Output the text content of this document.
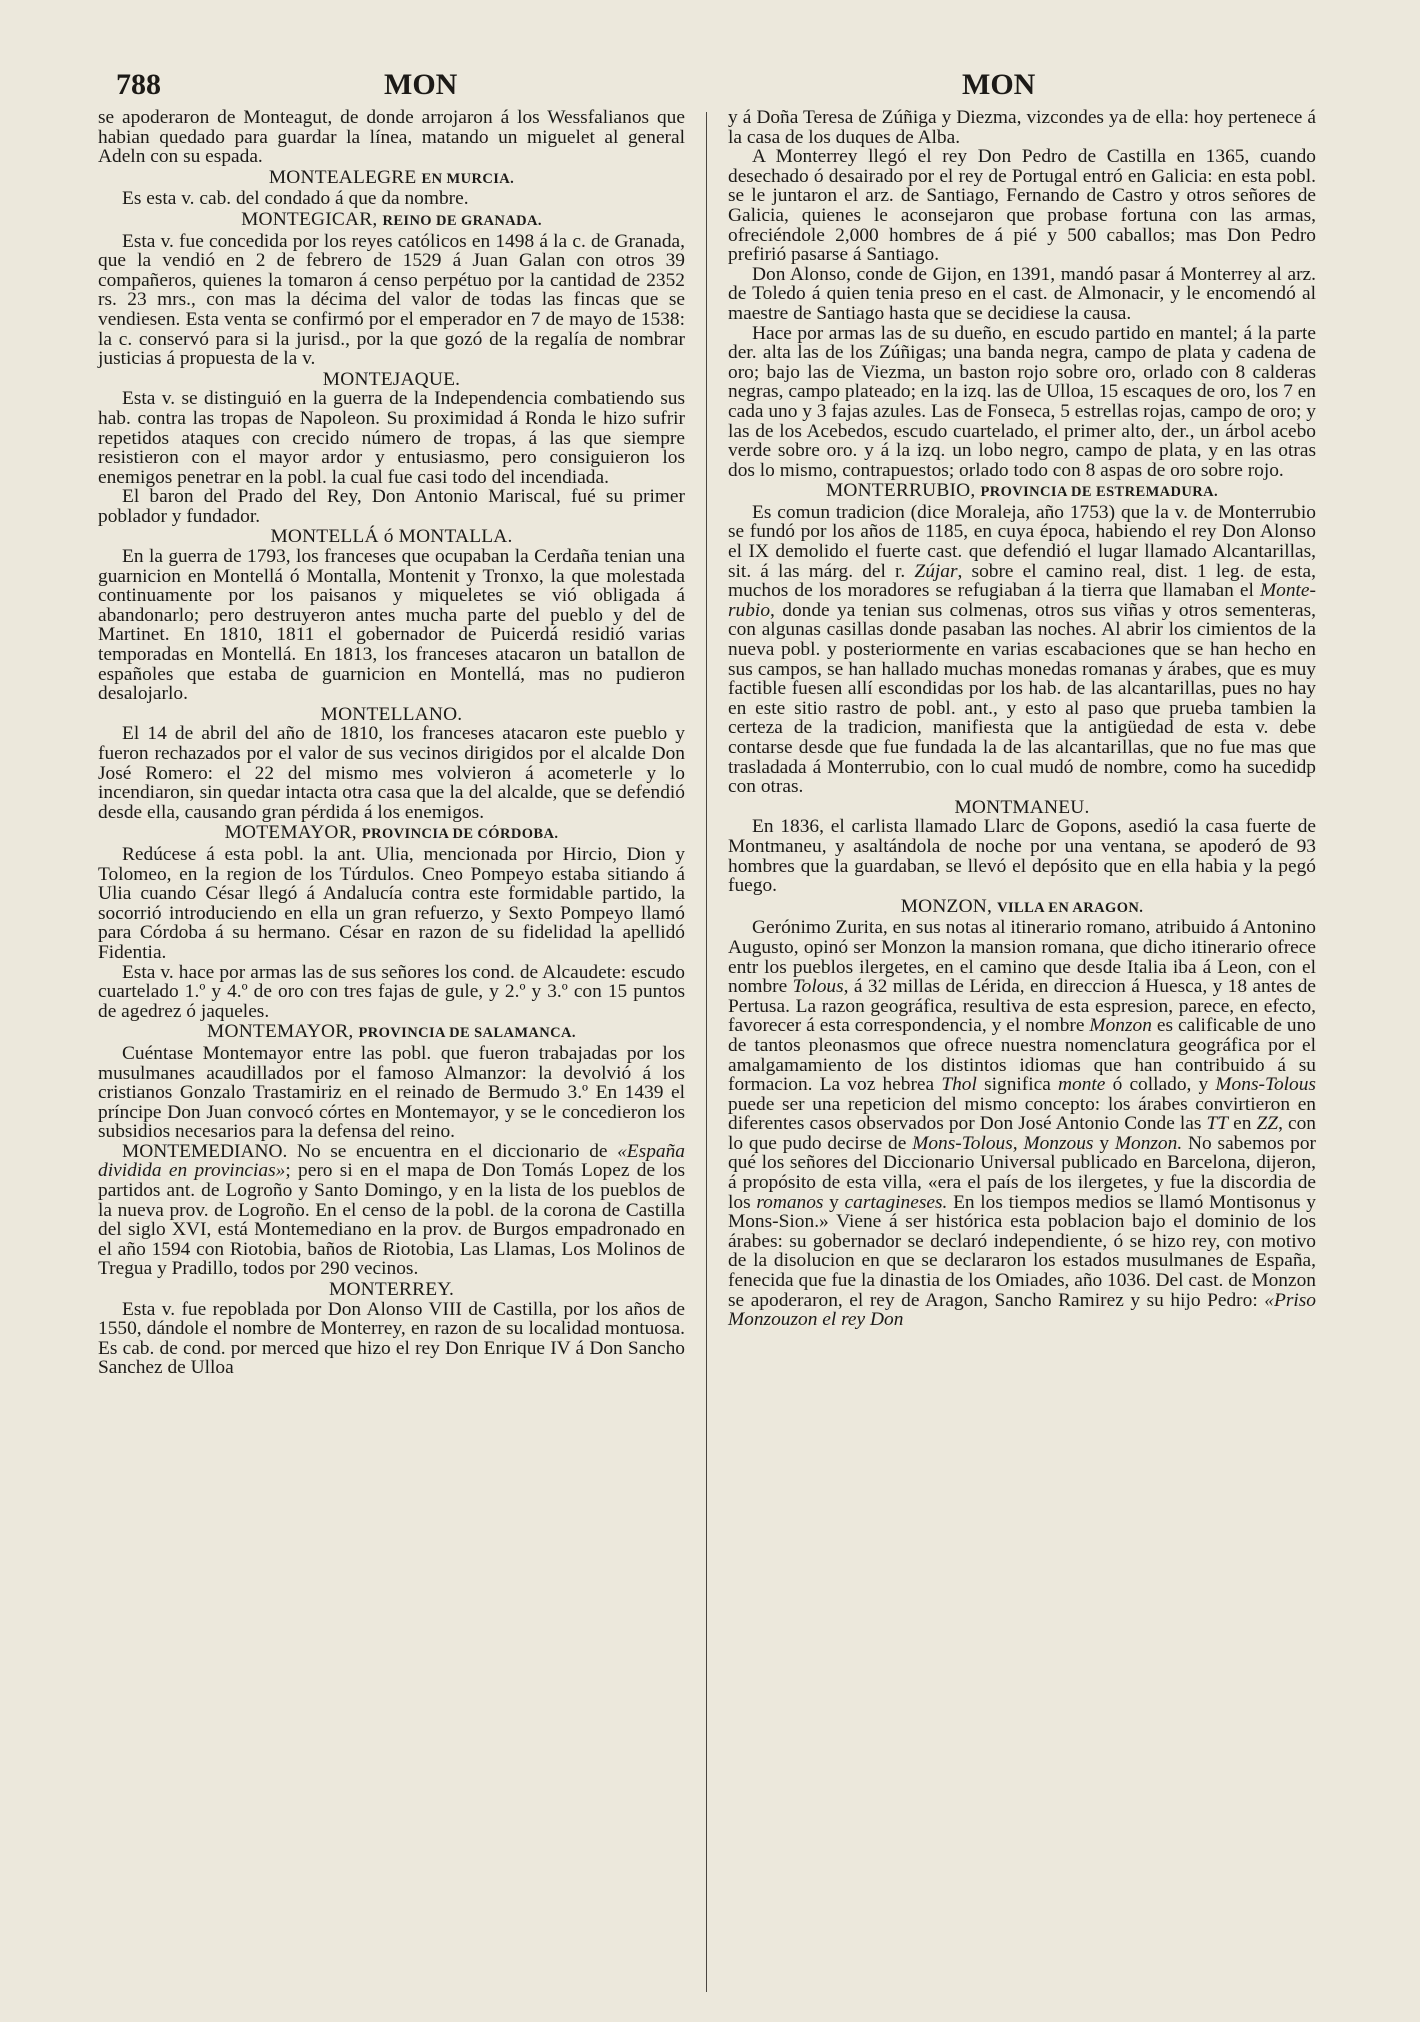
788	MON	MON

se apoderaron de Monteagut, de donde arrojaron á los Wessfalianos que habian quedado para guardar la línea, matando un miguelet al general Adeln con su espada.

MONTEALEGRE EN MURCIA.

Es esta v. cab. del condado á que da nombre.

MONTEGICAR, REINO DE GRANADA.

Esta v. fue concedida por los reyes católicos en 1498 á la c. de Granada, que la vendió en 2 de febrero de 1529 á Juan Galan con otros 39 compañeros, quienes la tomaron á censo perpétuo por la cantidad de 2352 rs. 23 mrs., con mas la décima del valor de todas las fincas que se vendiesen. Esta venta se confirmó por el emperador en 7 de mayo de 1538: la c. conservó para si la jurisd., por la que gozó de la regalía de nombrar justicias á propuesta de la v.

MONTEJAQUE.

Esta v. se distinguió en la guerra de la Independencia combatiendo sus hab. contra las tropas de Napoleon. Su proximidad á Ronda le hizo sufrir repetidos ataques con crecido número de tropas, á las que siempre resistieron con el mayor ardor y entusiasmo, pero consiguieron los enemigos penetrar en la pobl. la cual fue casi todo del incendiada.

El baron del Prado del Rey, Don Antonio Mariscal, fué su primer poblador y fundador.

MONTELLÁ ó MONTALLA.

En la guerra de 1793, los franceses que ocupaban la Cerdaña tenian una guarnicion en Montellá ó Montalla, Montenit y Tronxo, la que molestada continuamente por los paisanos y miqueletes se vió obligada á abandonarlo; pero destruyeron antes mucha parte del pueblo y del de Martinet. En 1810, 1811 el gobernador de Puicerdá residió varias temporadas en Montellá. En 1813, los franceses atacaron un batallon de españoles que estaba de guarnicion en Montellá, mas no pudieron desalojarlo.

MONTELLANO.

El 14 de abril del año de 1810, los franceses atacaron este pueblo y fueron rechazados por el valor de sus vecinos dirigidos por el alcalde Don José Romero: el 22 del mismo mes volvieron á acometerle y lo incendiaron, sin quedar intacta otra casa que la del alcalde, que se defendió desde ella, causando gran pérdida á los enemigos.

MOTEMAYOR, PROVINCIA DE CÓRDOBA.

Redúcese á esta pobl. la ant. Ulia, mencionada por Hircio, Dion y Tolomeo, en la region de los Túrdulos. Cneo Pompeyo estaba sitiando á Ulia cuando César llegó á Andalucía contra este formidable partido, la socorrió introduciendo en ella un gran refuerzo, y Sexto Pompeyo llamó para Córdoba á su hermano. César en razon de su fidelidad la apellidó Fidentia.

Esta v. hace por armas las de sus señores los cond. de Alcaudete: escudo cuartelado 1.º y 4.º de oro con tres fajas de gule, y 2.º y 3.º con 15 puntos de agedrez ó jaqueles.

MONTEMAYOR, PROVINCIA DE SALAMANCA.

Cuéntase Montemayor entre las pobl. que fueron trabajadas por los musulmanes acaudillados por el famoso Almanzor: la devolvió á los cristianos Gonzalo Trastamiriz en el reinado de Bermudo 3.º En 1439 el príncipe Don Juan convocó córtes en Montemayor, y se le concedieron los subsidios necesarios para la defensa del reino.

MONTEMEDIANO. No se encuentra en el diccionario de «España dividida en provincias»; pero si en el mapa de Don Tomás Lopez de los partidos ant. de Logroño y Santo Domingo, y en la lista de los pueblos de la nueva prov. de Logroño. En el censo de la pobl. de la corona de Castilla del siglo XVI, está Montemediano en la prov. de Burgos empadronado en el año 1594 con Riotobia, baños de Riotobia, Las Llamas, Los Molinos de Tregua y Pradillo, todos por 290 vecinos.

MONTERREY.

Esta v. fue repoblada por Don Alonso VIII de Castilla, por los años de 1550, dándole el nombre de Monterrey, en razon de su localidad montuosa. Es cab. de cond. por merced que hizo el rey Don Enrique IV á Don Sancho Sanchez de Ulloa

y á Doña Teresa de Zúñiga y Diezma, vizcondes ya de ella: hoy pertenece á la casa de los duques de Alba.

A Monterrey llegó el rey Don Pedro de Castilla en 1365, cuando desechado ó desairado por el rey de Portugal entró en Galicia: en esta pobl. se le juntaron el arz. de Santiago, Fernando de Castro y otros señores de Galicia, quienes le aconsejaron que probase fortuna con las armas, ofreciéndole 2,000 hombres de á pié y 500 caballos; mas Don Pedro prefirió pasarse á Santiago.

Don Alonso, conde de Gijon, en 1391, mandó pasar á Monterrey al arz. de Toledo á quien tenia preso en el cast. de Almonacir, y le encomendó al maestre de Santiago hasta que se decidiese la causa.

Hace por armas las de su dueño, en escudo partido en mantel; á la parte der. alta las de los Zúñigas; una banda negra, campo de plata y cadena de oro; bajo las de Viezma, un baston rojo sobre oro, orlado con 8 calderas negras, campo plateado; en la izq. las de Ulloa, 15 escaques de oro, los 7 en cada uno y 3 fajas azules. Las de Fonseca, 5 estrellas rojas, campo de oro; y las de los Acebedos, escudo cuartelado, el primer alto, der., un árbol acebo verde sobre oro. y á la izq. un lobo negro, campo de plata, y en las otras dos lo mismo, contrapuestos; orlado todo con 8 aspas de oro sobre rojo.

MONTERRUBIO, PROVINCIA DE ESTREMADURA.

Es comun tradicion (dice Moraleja, año 1753) que la v. de Monterrubio se fundó por los años de 1185, en cuya época, habiendo el rey Don Alonso el IX demolido el fuerte cast. que defendió el lugar llamado Alcantarillas, sit. á las márg. del r. Zújar, sobre el camino real, dist. 1 leg. de esta, muchos de los moradores se refugiaban á la tierra que llamaban el Monte-rubio, donde ya tenian sus colmenas, otros sus viñas y otros sementeras, con algunas casillas donde pasaban las noches. Al abrir los cimientos de la nueva pobl. y posteriormente en varias escabaciones que se han hecho en sus campos, se han hallado muchas monedas romanas y árabes, que es muy factible fuesen allí escondidas por los hab. de las alcantarillas, pues no hay en este sitio rastro de pobl. ant., y esto al paso que prueba tambien la certeza de la tradicion, manifiesta que la antigüedad de esta v. debe contarse desde que fue fundada la de las alcantarillas, que no fue mas que trasladada á Monterrubio, con lo cual mudó de nombre, como ha sucedidp con otras.

MONTMANEU.

En 1836, el carlista llamado Llarc de Gopons, asedió la casa fuerte de Montmaneu, y asaltándola de noche por una ventana, se apoderó de 93 hombres que la guardaban, se llevó el depósito que en ella habia y la pegó fuego.

MONZON, VILLA EN ARAGON.

Gerónimo Zurita, en sus notas al itinerario romano, atribuido á Antonino Augusto, opinó ser Monzon la mansion romana, que dicho itinerario ofrece entr los pueblos ilergetes, en el camino que desde Italia iba á Leon, con el nombre Tolous, á 32 millas de Lérida, en direccion á Huesca, y 18 antes de Pertusa. La razon geográfica, resultiva de esta espresion, parece, en efecto, favorecer á esta correspondencia, y el nombre Monzon es calificable de uno de tantos pleonasmos que ofrece nuestra nomenclatura geográfica por el amalgamamiento de los distintos idiomas que han contribuido á su formacion. La voz hebrea Thol significa monte ó collado, y Mons-Tolous puede ser una repeticion del mismo concepto: los árabes convirtieron en diferentes casos observados por Don José Antonio Conde las TT en ZZ, con lo que pudo decirse de Mons-Tolous, Monzous y Monzon. No sabemos por qué los señores del Diccionario Universal publicado en Barcelona, dijeron, á propósito de esta villa, «era el país de los ilergetes, y fue la discordia de los romanos y cartagineses. En los tiempos medios se llamó Montisonus y Mons-Sion.» Viene á ser histórica esta poblacion bajo el dominio de los árabes: su gobernador se declaró independiente, ó se hizo rey, con motivo de la disolucion en que se declararon los estados musulmanes de España, fenecida que fue la dinastia de los Omiades, año 1036. Del cast. de Monzon se apoderaron, el rey de Aragon, Sancho Ramirez y su hijo Pedro: «Priso Monzouzon el rey Don
